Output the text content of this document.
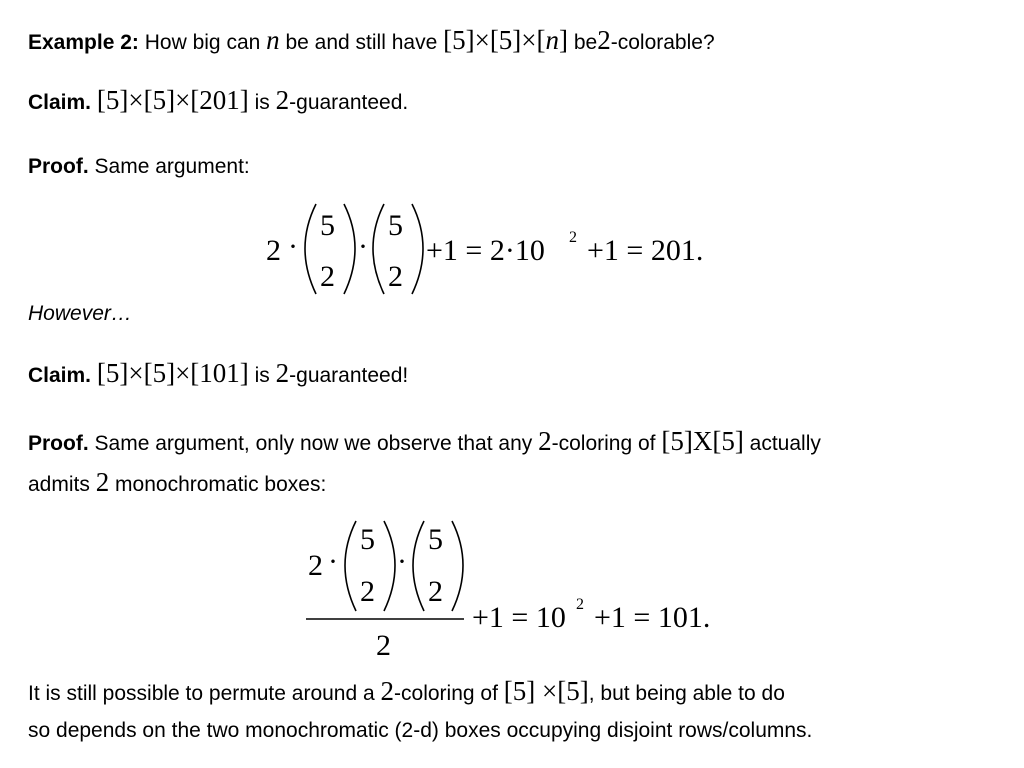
Example 2: How big can n be and still have [5]×[5]×[n] be2-colorable?
Claim. [5]×[5]×[201] is 2-guaranteed.
Proof. Same argument:
2 ·
5
2
·
5
2
+1 = 2·10 2 +1 = 201.
However…
Claim. [5]×[5]×[101] is 2-guaranteed!
Proof. Same argument, only now we observe that any 2-coloring of [5]X[5] actually
admits 2 monochromatic boxes:
2 ·
5
2
·
5
2
2
+1 = 10 2 +1 = 101.
It is still possible to permute around a 2-coloring of [5] ×[5], but being able to do
so depends on the two monochromatic (2-d) boxes occupying disjoint rows/columns.
